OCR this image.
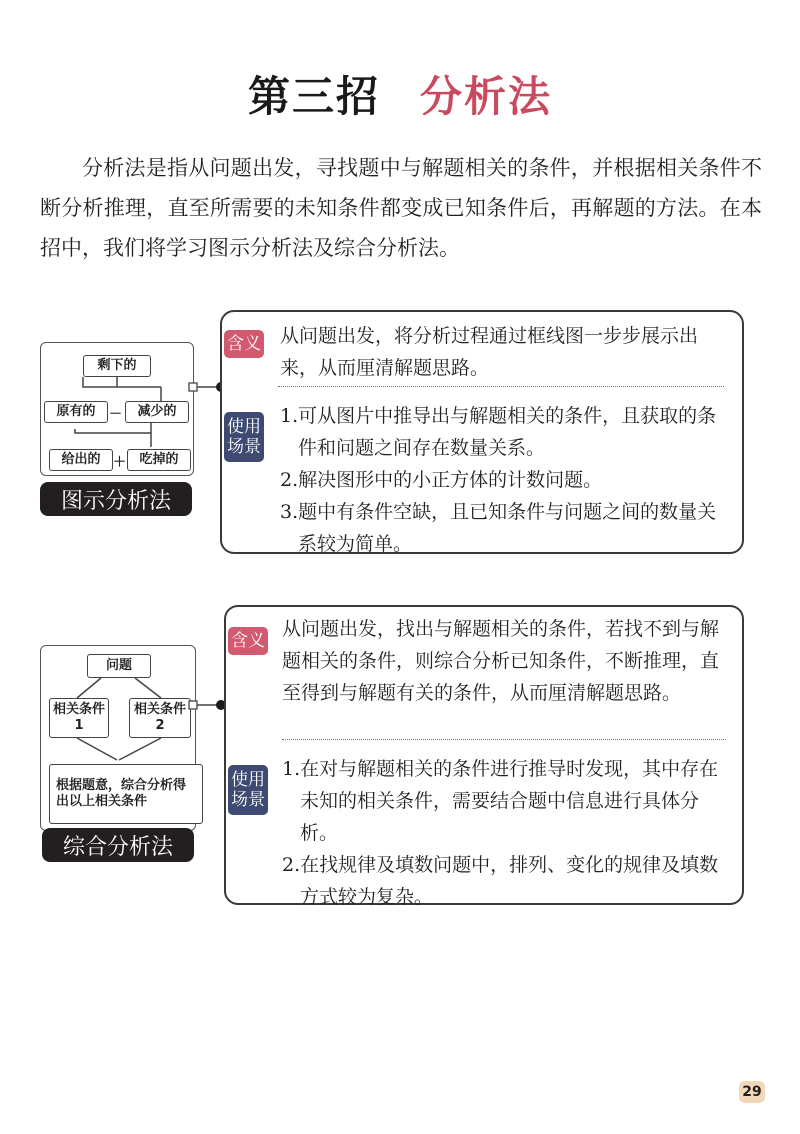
第三招 分析法
分析法是指从问题出发，寻找题中与解题相关的条件，并根据相关条件不断分析推理，直至所需要的未知条件都变成已知条件后，再解题的方法。在本招中，我们将学习图示分析法及综合分析法。
剩下的
原有的	－	减少的
给出的 ＋	吃掉的
图示分析法
含义 从问题出发，将分析过程通过框线图一步步展示出来，从而厘清解题思路。
使用场景
1.可从图片中推导出与解题相关的条件，且获取的条件和问题之间存在数量关系。
2.解决图形中的小正方体的计数问题。
3.题中有条件空缺，且已知条件与问题之间的数量关系较为简单。
问题
相关条件 1
相关条件 2
根据题意，综合分析得出以上相关条件
综合分析法
含义
从问题出发，找出与解题相关的条件，若找不到与解题相关的条件，则综合分析已知条件，不断推理，直至得到与解题有关的条件，从而厘清解题思路。
使用场景
1.在对与解题相关的条件进行推导时发现，其中存在未知的相关条件，需要结合题中信息进行具体分析。
2.在找规律及填数问题中，排列、变化的规律及填数方式较为复杂。
29
